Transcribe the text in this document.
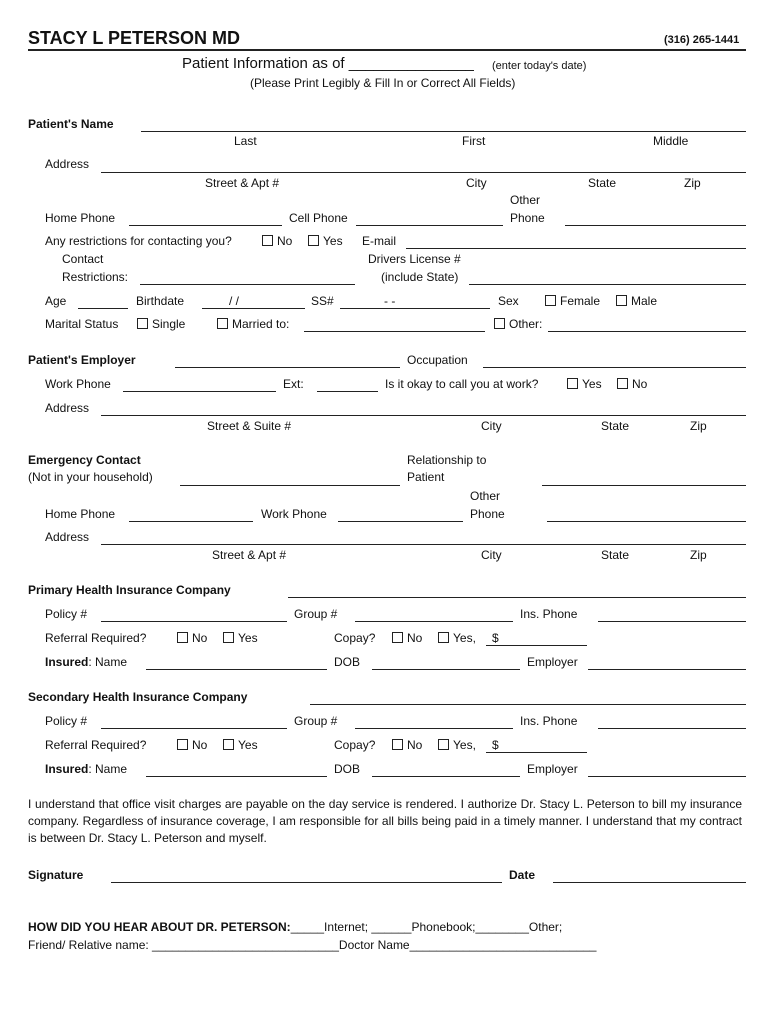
STACY L PETERSON MD	(316) 265-1441
Patient Information as of _______________ (enter today's date)
(Please Print Legibly & Fill In or Correct All Fields)
Patient's Name
Last	First	Middle
Address
Street & Apt #	City	State	Zip
Other
Home Phone	Cell Phone	Phone
Any restrictions for contacting you?	No	Yes E-mail
Contact	Drivers License #
Restrictions:	(include State)
Age	Birthdate	/ /	SS#	- -	Sex	Female	Male
Marital Status	Single	Married to:	Other:
Patient's Employer	Occupation
Work Phone	Ext:	Is it okay to call you at work?	Yes	No
Address
Street & Suite #	City	State	Zip
Emergency Contact	Relationship to
(Not in your household)	Patient
Other
Home Phone	Work Phone	Phone
Address
Street & Apt #	City	State	Zip
Primary Health Insurance Company
Policy #	Group #	Ins. Phone
Referral Required?	No	Yes	Copay?	No	Yes, $
Insured: Name	DOB	Employer
Secondary Health Insurance Company
Policy #	Group #	Ins. Phone
Referral Required?	No	Yes	Copay?	No	Yes, $
Insured: Name	DOB	Employer
I understand that office visit charges are payable on the day service is rendered. I authorize Dr. Stacy L. Peterson to bill my insurance company. Regardless of insurance coverage, I am responsible for all bills being paid in a timely manner. I understand that my contract is between Dr. Stacy L. Peterson and myself.
Signature	Date
HOW DID YOU HEAR ABOUT DR. PETERSON:_____Internet; ______Phonebook;________Other;
Friend/ Relative name: ____________________________Doctor Name____________________________
